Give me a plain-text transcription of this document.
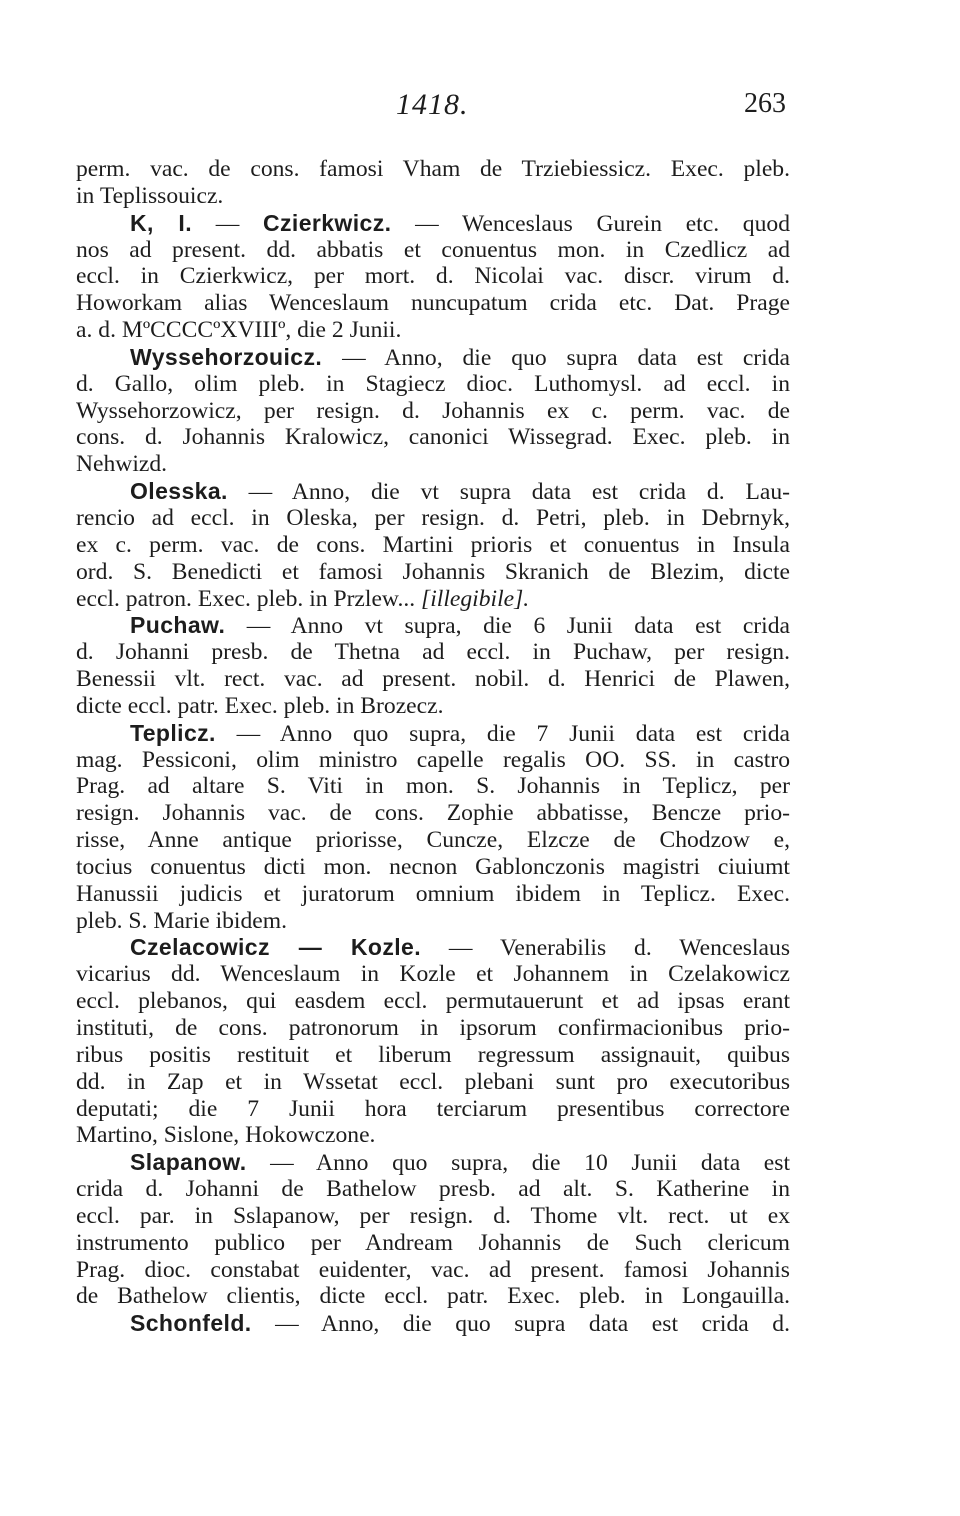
1418.	263
perm. vac. de cons. famosi Vham de Trziebiessicz. Exec. pleb.
in Teplissouicz.
K, I. — Czierkwicz. — Wenceslaus Gurein etc. quod
nos ad present. dd. abbatis et conuentus mon. in Czedlicz ad
eccl. in Czierkwicz, per mort. d. Nicolai vac. discr. virum d.
Howorkam alias Wenceslaum nuncupatum crida etc. Dat. Prage
a. d. MºCCCCºXVIIIº, die 2 Junii.
Wyssehorzouicz. — Anno, die quo supra data est crida
d. Gallo, olim pleb. in Stagiecz dioc. Luthomysl. ad eccl. in
Wyssehorzowicz, per resign. d. Johannis ex c. perm. vac. de
cons. d. Johannis Kralowicz, canonici Wissegrad. Exec. pleb. in
Nehwizd.
Olesska. — Anno, die vt supra data est crida d. Lau-
rencio ad eccl. in Oleska, per resign. d. Petri, pleb. in Debrnyk,
ex c. perm. vac. de cons. Martini prioris et conuentus in Insula
ord. S. Benedicti et famosi Johannis Skranich de Blezim, dicte
eccl. patron. Exec. pleb. in Przlew... [illegibile].
Puchaw. — Anno vt supra, die 6 Junii data est crida
d. Johanni presb. de Thetna ad eccl. in Puchaw, per resign.
Benessii vlt. rect. vac. ad present. nobil. d. Henrici de Plawen,
dicte eccl. patr. Exec. pleb. in Brozecz.
Teplicz. — Anno quo supra, die 7 Junii data est crida
mag. Pessiconi, olim ministro capelle regalis OO. SS. in castro
Prag. ad altare S. Viti in mon. S. Johannis in Teplicz, per
resign. Johannis vac. de cons. Zophie abbatisse, Bencze prio-
risse, Anne antique priorisse, Cuncze, Elzcze de Chodzow e,
tocius conuentus dicti mon. necnon Gablonczonis magistri ciuiumt
Hanussii judicis et juratorum omnium ibidem in Teplicz. Exec.
pleb. S. Marie ibidem.
Czelacowicz — Kozle. — Venerabilis d. Wenceslaus
vicarius dd. Wenceslaum in Kozle et Johannem in Czelakowicz
eccl. plebanos, qui easdem eccl. permutauerunt et ad ipsas erant
instituti, de cons. patronorum in ipsorum confirmacionibus prio-
ribus positis restituit et liberum regressum assignauit, quibus
dd. in Zap et in Wssetat eccl. plebani sunt pro executoribus
deputati; die 7 Junii hora terciarum presentibus correctore
Martino, Sislone, Hokowczone.
Slapanow. — Anno quo supra, die 10 Junii data est
crida d. Johanni de Bathelow presb. ad alt. S. Katherine in
eccl. par. in Sslapanow, per resign. d. Thome vlt. rect. ut ex
instrumento publico per Andream Johannis de Such clericum
Prag. dioc. constabat euidenter, vac. ad present. famosi Johannis
de Bathelow clientis, dicte eccl. patr. Exec. pleb. in Longauilla.
Schonfeld. — Anno, die quo supra data est crida d.
